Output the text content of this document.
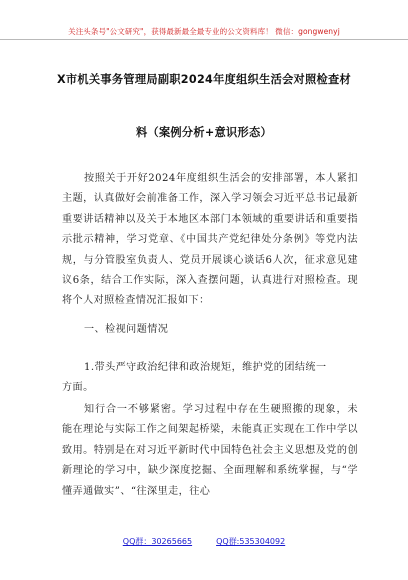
关注头条号"公文研究"，获得最新最全最专业的公文资料库！ 微信：gongwenyj
X市机关事务管理局副职2024年度组织生活会对照检查材
料（案例分析+意识形态）
按照关于开好2024年度组织生活会的安排部署，本人紧扣主题，认真做好会前准备工作，深入学习领会习近平总书记最新重要讲话精神以及关于本地区本部门本领域的重要讲话和重要指示批示精神，学习党章、《中国共产党纪律处分条例》等党内法规，与分管股室负责人、党员开展谈心谈话6人次，征求意见建议6条，结合工作实际，深入查摆问题，认真进行对照检查。现将个人对照检查情况汇报如下：
一、检视问题情况
1.带头严守政治纪律和政治规矩，维护党的团结统一
方面。
知行合一不够紧密。学习过程中存在生硬照搬的现象，未能在理论与实际工作之间架起桥梁，未能真正实现在工作中学以致用。特别是在对习近平新时代中国特色社会主义思想及党的创新理论的学习中，缺少深度挖掘、全面理解和系统掌握，与“学懂弄通做实”、“往深里走，往心
QQ群：30265665	QQ群:535304092
